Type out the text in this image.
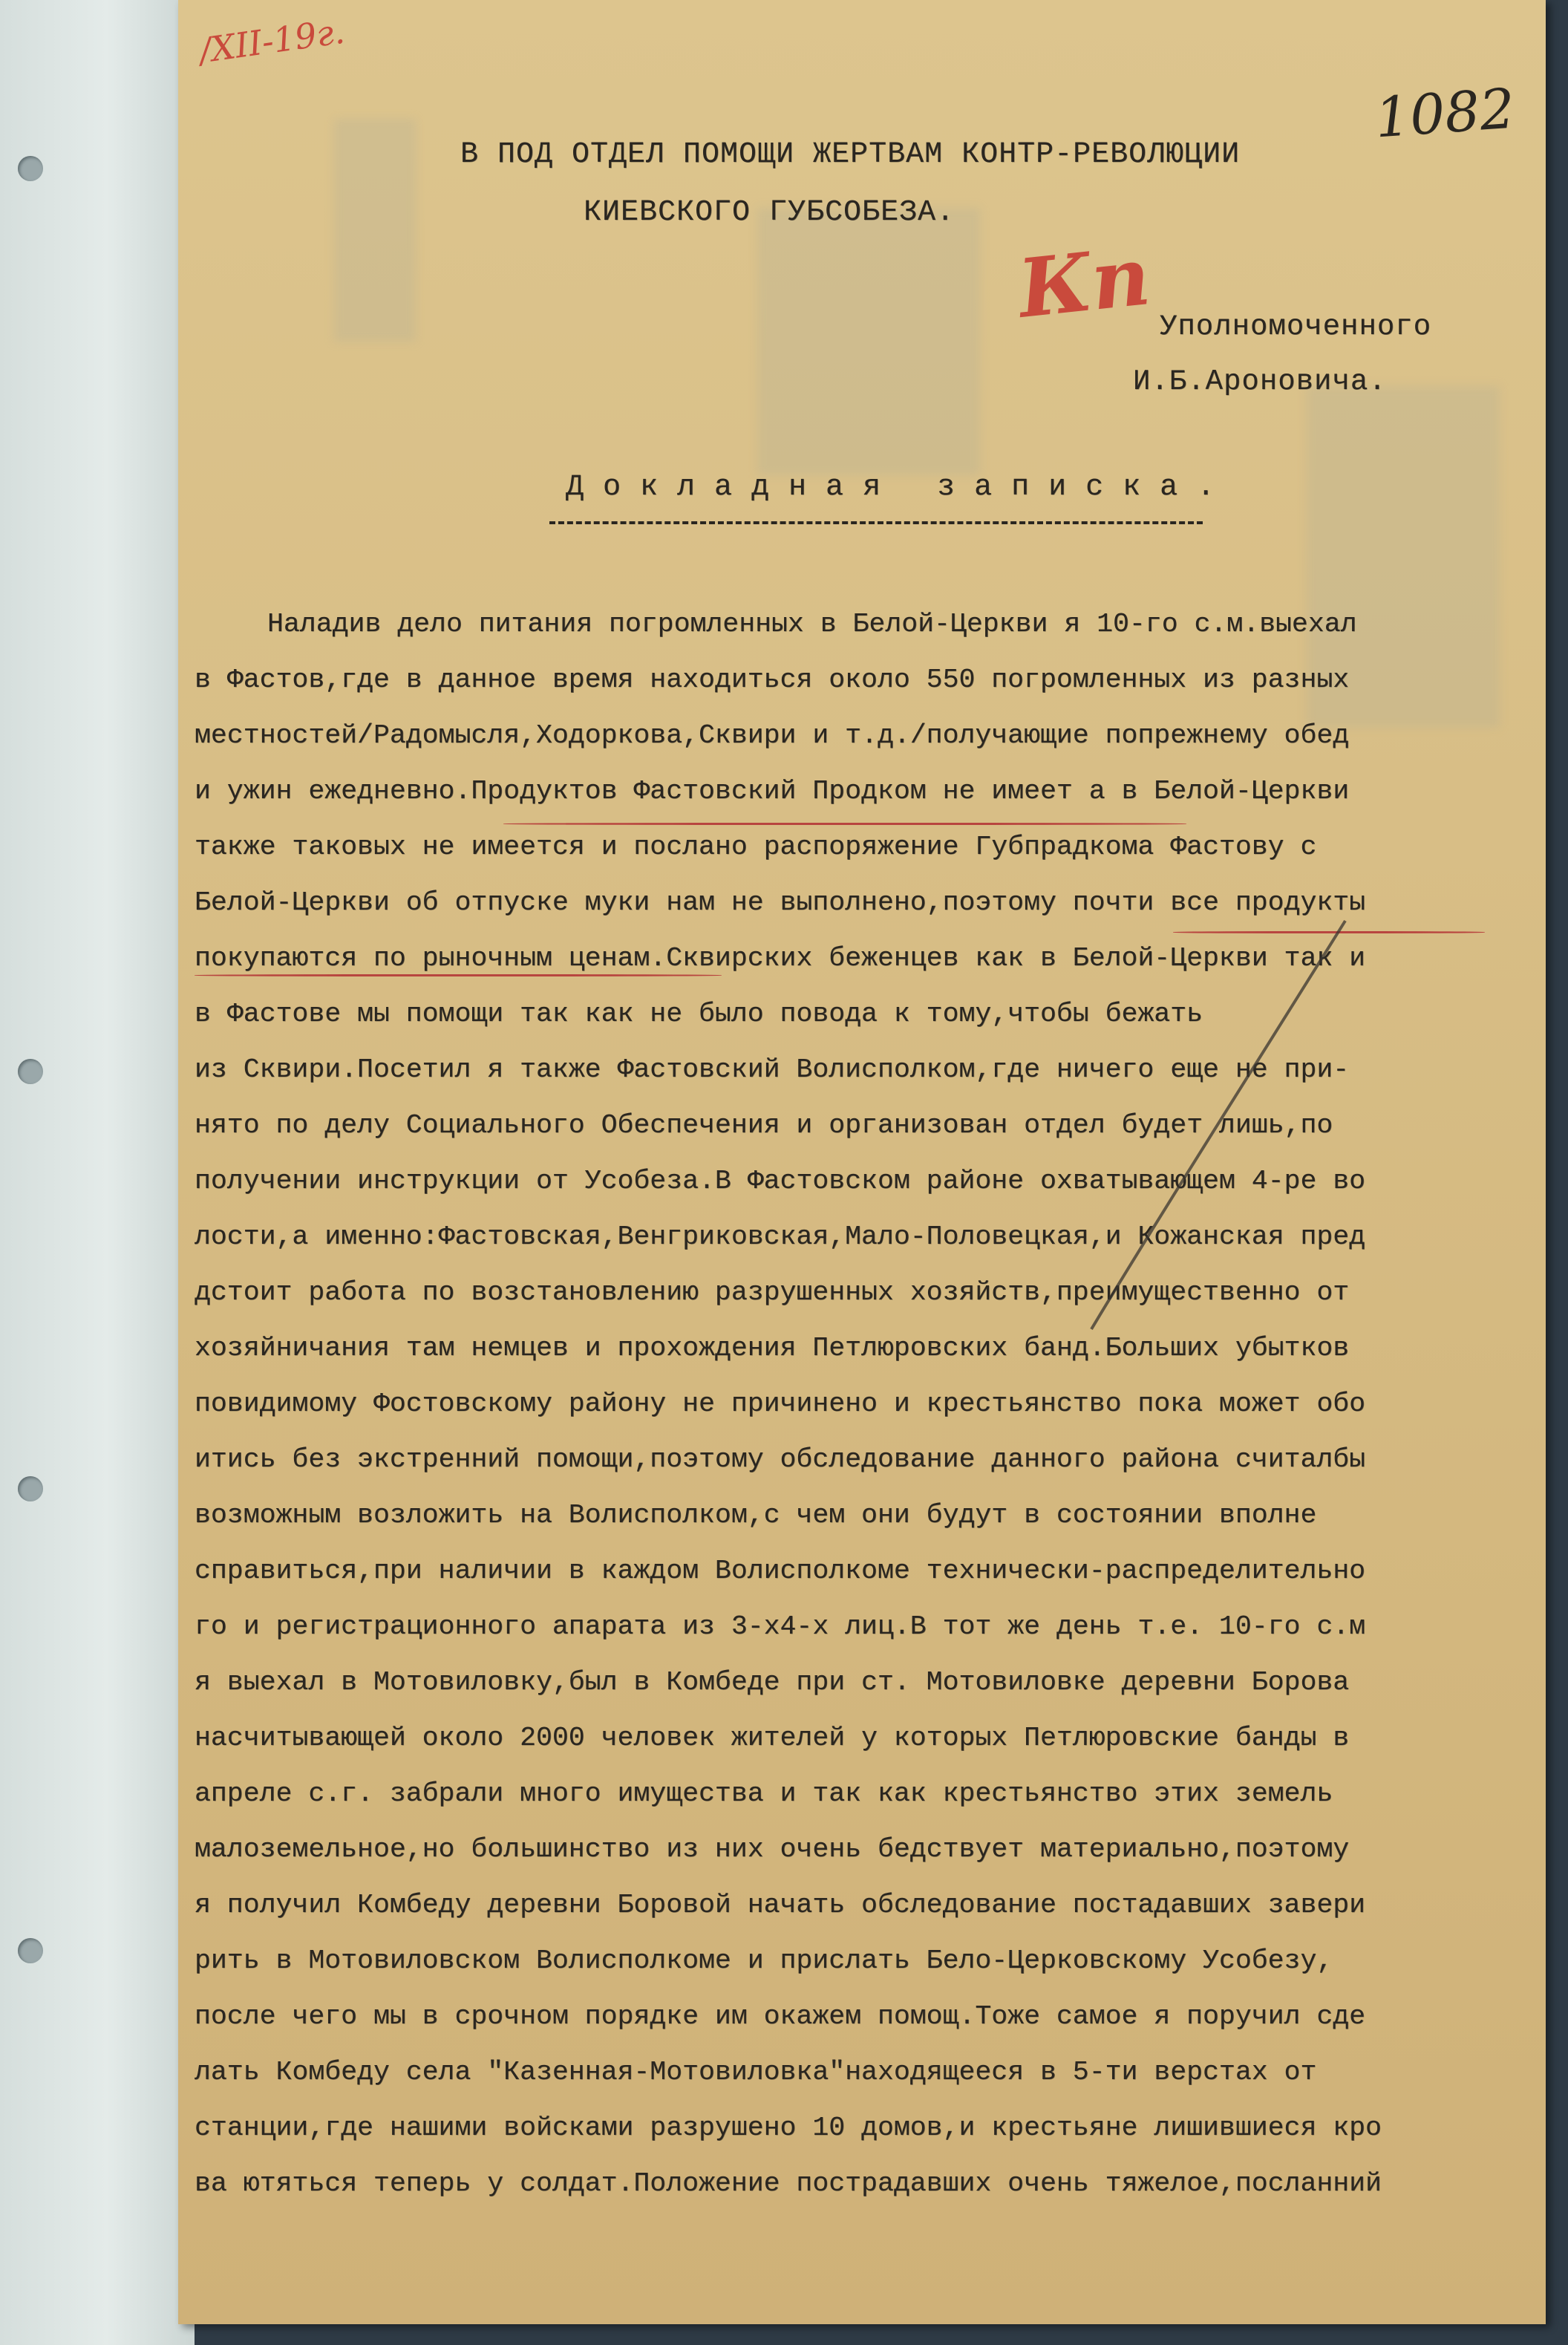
/XII-19г.
1082
Кп
В ПОД ОТДЕЛ ПОМОЩИ ЖЕРТВАМ КОНТР-РЕВОЛЮЦИИ
КИЕВСКОГО ГУБСОБЕЗА.
Уполномоченного
И.Б.Ароновича.
Д о к л а д н а я   з а п и с к а .
Наладив дело питания погромленных в Белой-Церкви я 10-го с.м.выехал
в Фастов,где в данное время находиться около 550 погромленных из разных
местностей/Радомысля,Ходоркова,Сквири и т.д./получающие попрежнему обед
и ужин ежедневно.Продуктов Фастовский Продком не имеет а в Белой-Церкви
также таковых не имеется и послано распоряжение Губпрадкома Фастову с
Белой-Церкви об отпуске муки нам не выполнено,поэтому почти все продукты
покупаются по рыночным ценам.Сквирских беженцев как в Белой-Церкви так и
в Фастове мы помощи так как не было повода к тому,чтобы бежать
из Сквири.Посетил я также Фастовский Волисполком,где ничего еще не при-
нято по делу Социального Обеспечения и организован отдел будет лишь,по
получении инструкции от Усобеза.В Фастовском районе охватывающем 4-ре во
лости,а именно:Фастовская,Венгриковская,Мало-Половецкая,и Кожанская пред
дстоит работа по возстановлению разрушенных хозяйств,преимущественно от
хозяйничания там немцев и прохождения Петлюровских банд.Больших убытков
повидимому Фостовскому району не причинено и крестьянство пока может обо
итись без экстренний помощи,поэтому обследование данного района считалбы
возможным возложить на Волисполком,с чем они будут в состоянии вполне
справиться,при наличии в каждом Волисполкоме технически-распределительно
го и регистрационного апарата из 3-х4-х лиц.В тот же день т.е. 10-го с.м
я выехал в Мотовиловку,был в Комбеде при ст. Мотовиловке деревни Борова
насчитывающей около 2000 человек жителей у которых Петлюровские банды в
апреле с.г. забрали много имущества и так как крестьянство этих земель
малоземельное,но большинство из них очень бедствует материально,поэтому
я получил Комбеду деревни Боровой начать обследование постадавших завери
рить в Мотовиловском Волисполкоме и прислать Бело-Церковскому Усобезу,
после чего мы в срочном порядке им окажем помощ.Тоже самое я поручил сде
лать Комбеду села "Казенная-Мотовиловка"находящееся в 5-ти верстах от
станции,где нашими войсками разрушено 10 домов,и крестьяне лишившиеся кро
ва ютяться теперь у солдат.Положение пострадавших очень тяжелое,посланний
